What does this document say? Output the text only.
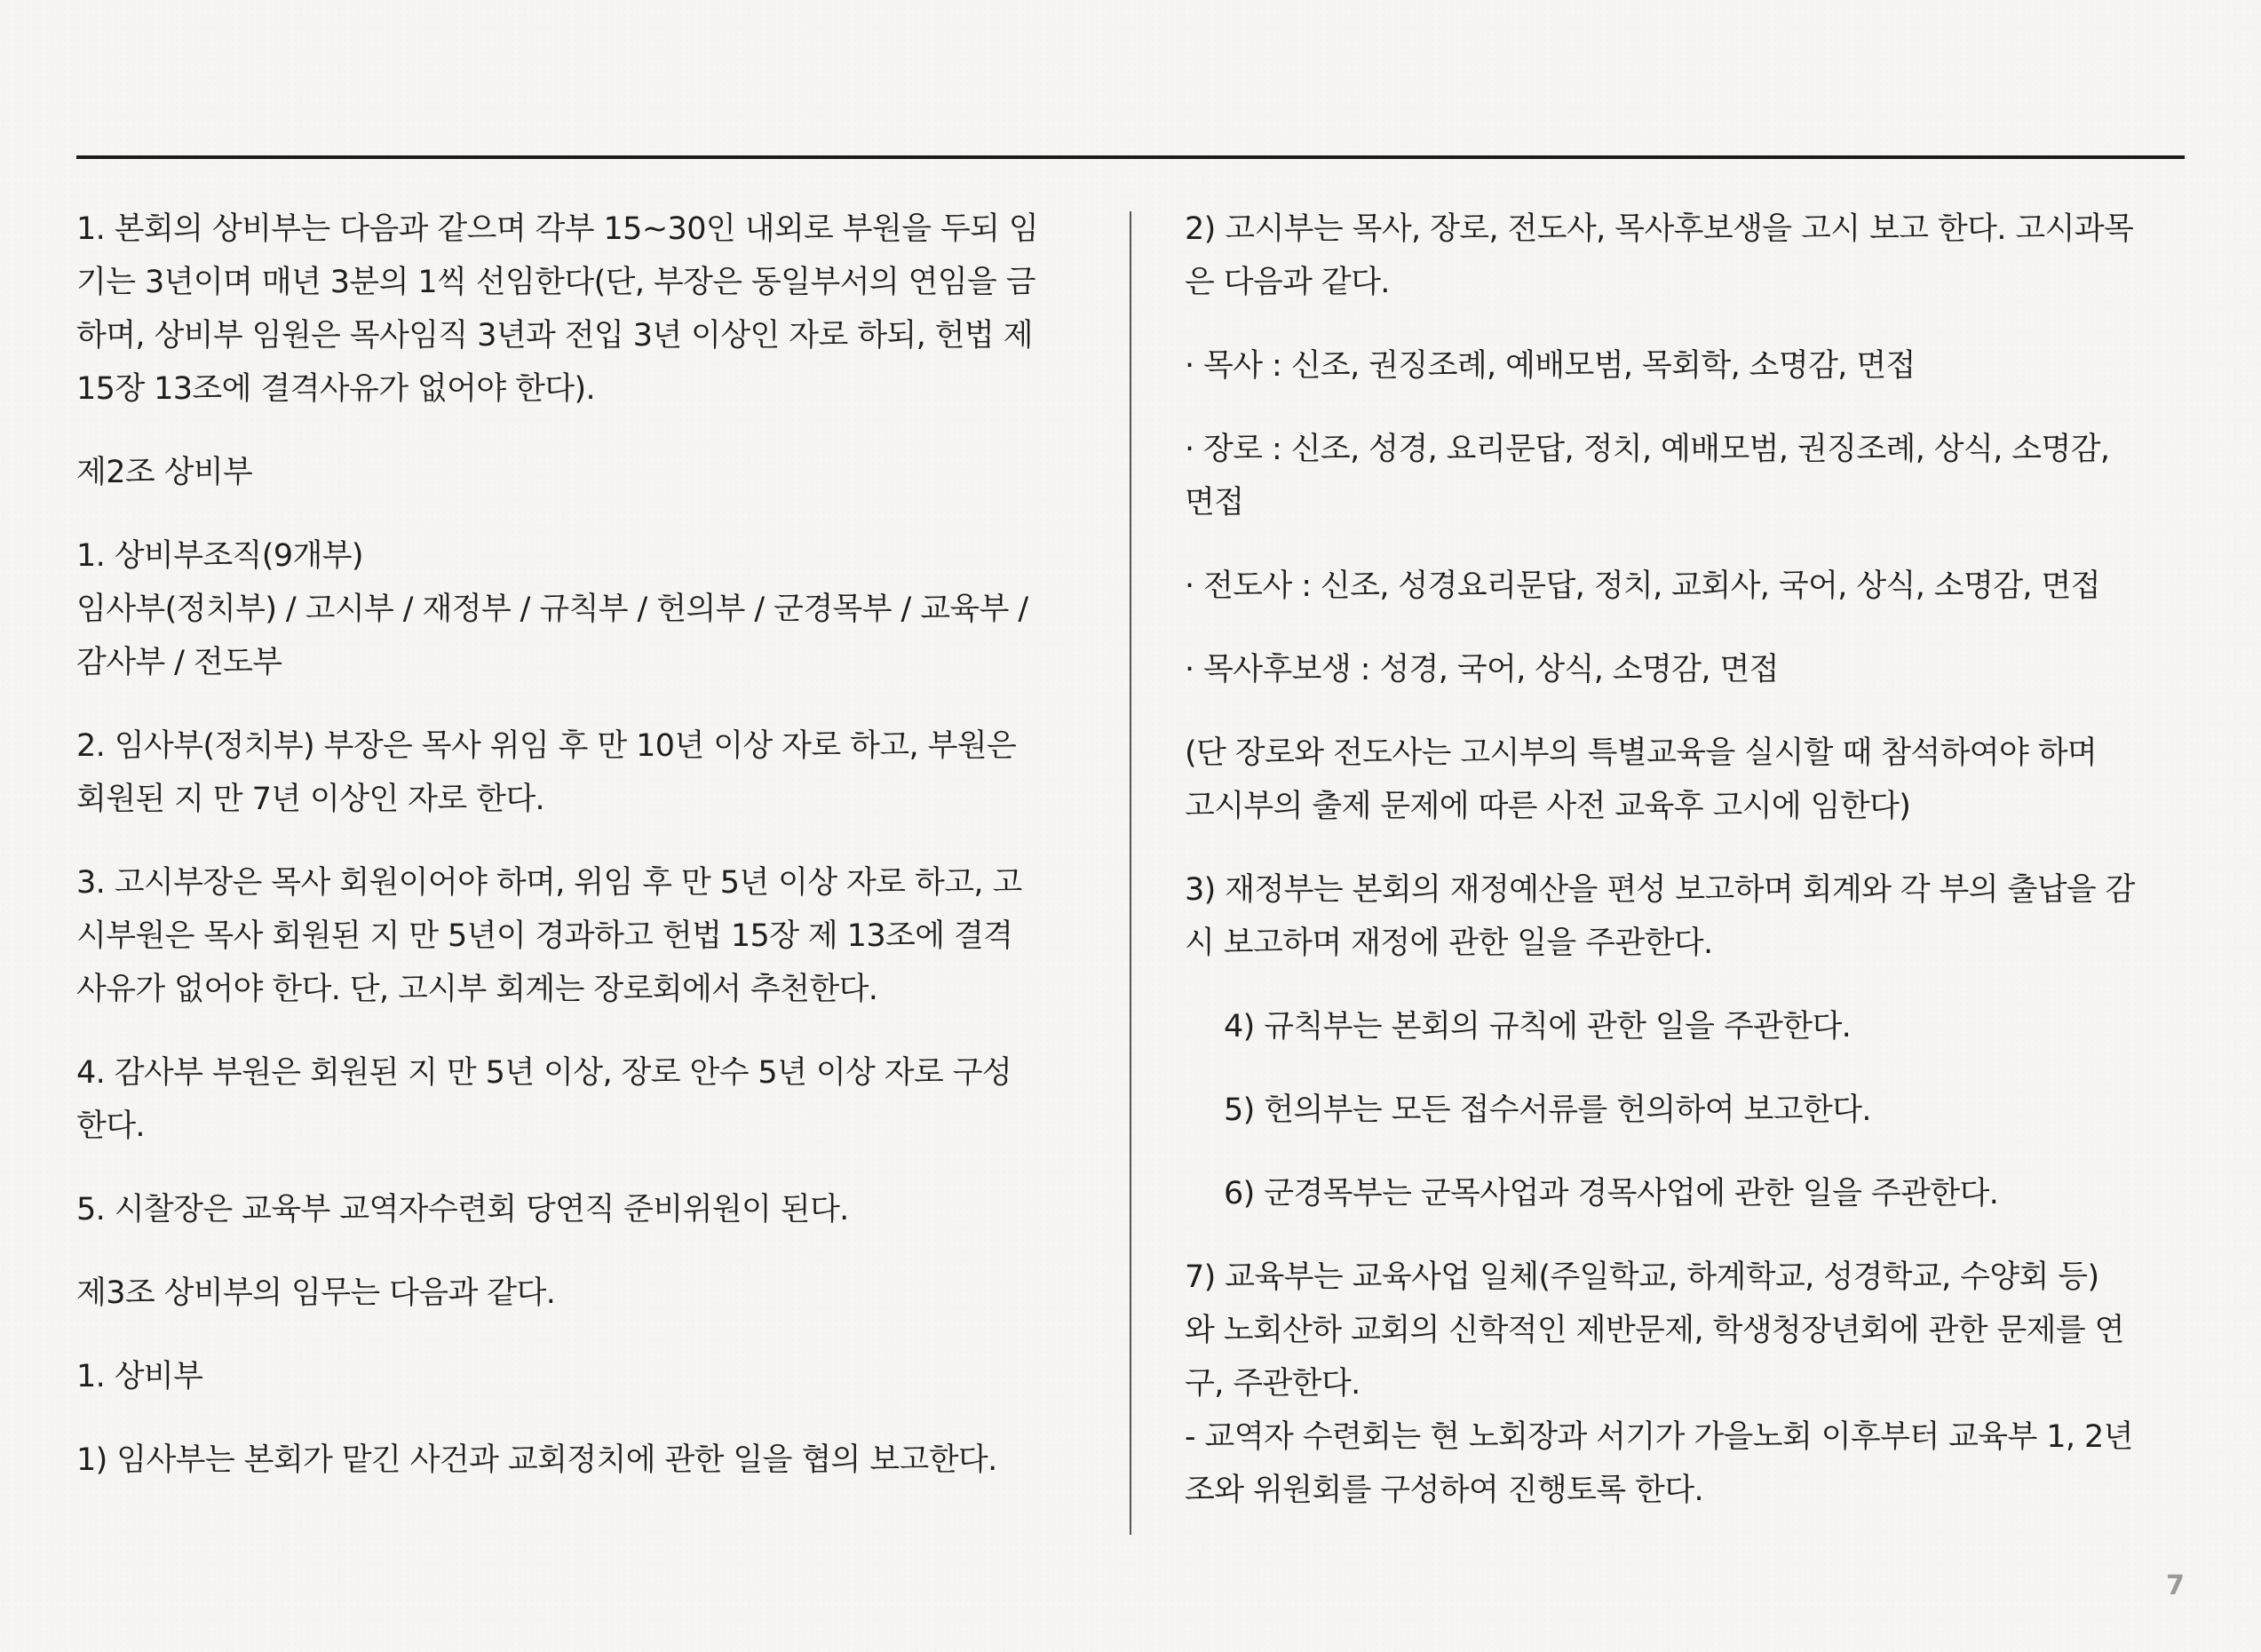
1. 본회의 상비부는 다음과 같으며 각부 15~30인 내외로 부원을 두되 임
기는 3년이며 매년 3분의 1씩 선임한다(단, 부장은 동일부서의 연임을 금
하며, 상비부 임원은 목사임직 3년과 전입 3년 이상인 자로 하되, 헌법 제
15장 13조에 결격사유가 없어야 한다).

제2조 상비부

1. 상비부조직(9개부)
임사부(정치부) / 고시부 / 재정부 / 규칙부 / 헌의부 / 군경목부 / 교육부 /
감사부 / 전도부

2. 임사부(정치부) 부장은 목사 위임 후 만 10년 이상 자로 하고, 부원은
회원된 지 만 7년 이상인 자로 한다.

3. 고시부장은 목사 회원이어야 하며, 위임 후 만 5년 이상 자로 하고, 고
시부원은 목사 회원된 지 만 5년이 경과하고 헌법 15장 제 13조에 결격
사유가 없어야 한다. 단, 고시부 회계는 장로회에서 추천한다.

4. 감사부 부원은 회원된 지 만 5년 이상, 장로 안수 5년 이상 자로 구성
한다.

5. 시찰장은 교육부 교역자수련회 당연직 준비위원이 된다.

제3조 상비부의 임무는 다음과 같다.

1. 상비부

1) 임사부는 본회가 맡긴 사건과 교회정치에 관한 일을 협의 보고한다.

2) 고시부는 목사, 장로, 전도사, 목사후보생을 고시 보고 한다. 고시과목
은 다음과 같다.

· 목사 : 신조, 권징조례, 예배모범, 목회학, 소명감, 면접

· 장로 : 신조, 성경, 요리문답, 정치, 예배모범, 권징조례, 상식, 소명감,
면접

· 전도사 : 신조, 성경요리문답, 정치, 교회사, 국어, 상식, 소명감, 면접

· 목사후보생 : 성경, 국어, 상식, 소명감, 면접

(단 장로와 전도사는 고시부의 특별교육을 실시할 때 참석하여야 하며
고시부의 출제 문제에 따른 사전 교육후 고시에 임한다)

3) 재정부는 본회의 재정예산을 편성 보고하며 회계와 각 부의 출납을 감
시 보고하며 재정에 관한 일을 주관한다.

4) 규칙부는 본회의 규칙에 관한 일을 주관한다.

5) 헌의부는 모든 접수서류를 헌의하여 보고한다.

6) 군경목부는 군목사업과 경목사업에 관한 일을 주관한다.

7) 교육부는 교육사업 일체(주일학교, 하계학교, 성경학교, 수양회 등)
와 노회산하 교회의 신학적인 제반문제, 학생청장년회에 관한 문제를 연
구, 주관한다.

- 교역자 수련회는 현 노회장과 서기가 가을노회 이후부터 교육부 1, 2년
조와 위원회를 구성하여 진행토록 한다.

7
